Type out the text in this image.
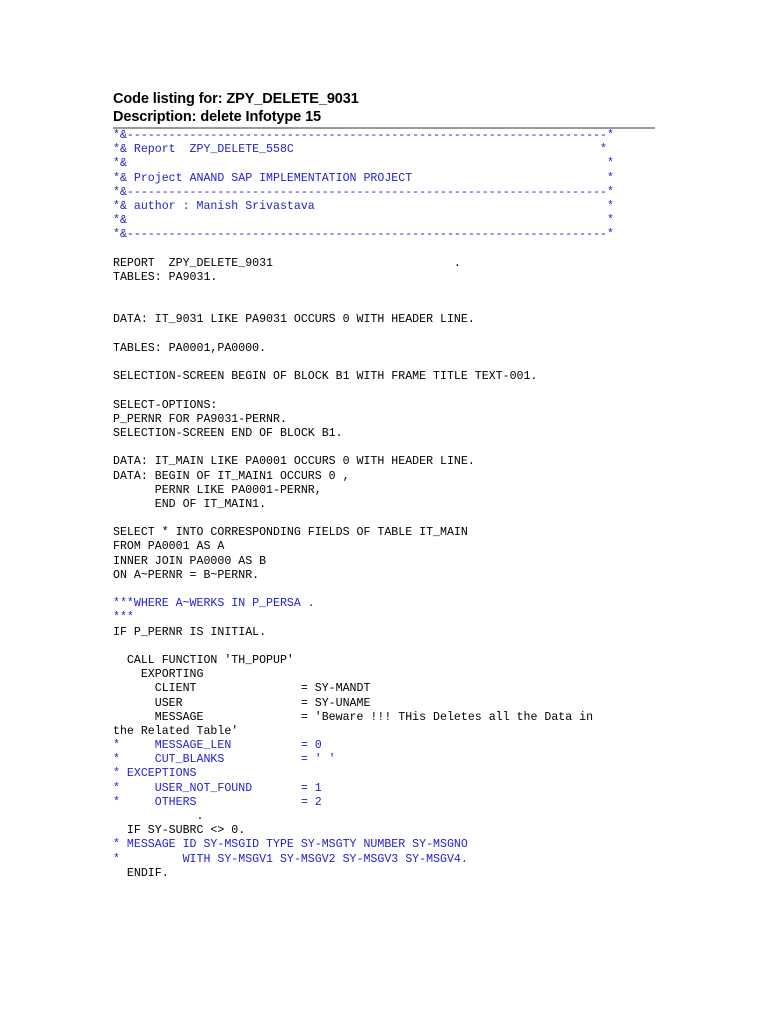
Code listing for: ZPY_DELETE_9031
Description: delete Infotype 15
*&---------------------------------------------------------------------*
*& Report  ZPY_DELETE_558C                                            *
*&                                                                     *
*& Project ANAND SAP IMPLEMENTATION PROJECT                            *
*&---------------------------------------------------------------------*
*& author : Manish Srivastava                                          *
*&                                                                     *
*&---------------------------------------------------------------------*
REPORT  ZPY_DELETE_9031                          .
TABLES: PA9031.
DATA: IT_9031 LIKE PA9031 OCCURS 0 WITH HEADER LINE.
TABLES: PA0001,PA0000.
SELECTION-SCREEN BEGIN OF BLOCK B1 WITH FRAME TITLE TEXT-001.
SELECT-OPTIONS:
P_PERNR FOR PA9031-PERNR.
SELECTION-SCREEN END OF BLOCK B1.
DATA: IT_MAIN LIKE PA0001 OCCURS 0 WITH HEADER LINE.
DATA: BEGIN OF IT_MAIN1 OCCURS 0 ,
PERNR LIKE PA0001-PERNR,
END OF IT_MAIN1.
SELECT * INTO CORRESPONDING FIELDS OF TABLE IT_MAIN
FROM PA0001 AS A
INNER JOIN PA0000 AS B
ON A~PERNR = B~PERNR.
***WHERE A~WERKS IN P_PERSA .
***
IF P_PERNR IS INITIAL.
CALL FUNCTION 'TH_POPUP'
EXPORTING
CLIENT               = SY-MANDT
USER                 = SY-UNAME
MESSAGE              = 'Beware !!! THis Deletes all the Data in
the Related Table'
*     MESSAGE_LEN          = 0
*     CUT_BLANKS           = ' '
* EXCEPTIONS
*     USER_NOT_FOUND       = 1
*     OTHERS               = 2
.
IF SY-SUBRC <> 0.
* MESSAGE ID SY-MSGID TYPE SY-MSGTY NUMBER SY-MSGNO
*         WITH SY-MSGV1 SY-MSGV2 SY-MSGV3 SY-MSGV4.
ENDIF.
